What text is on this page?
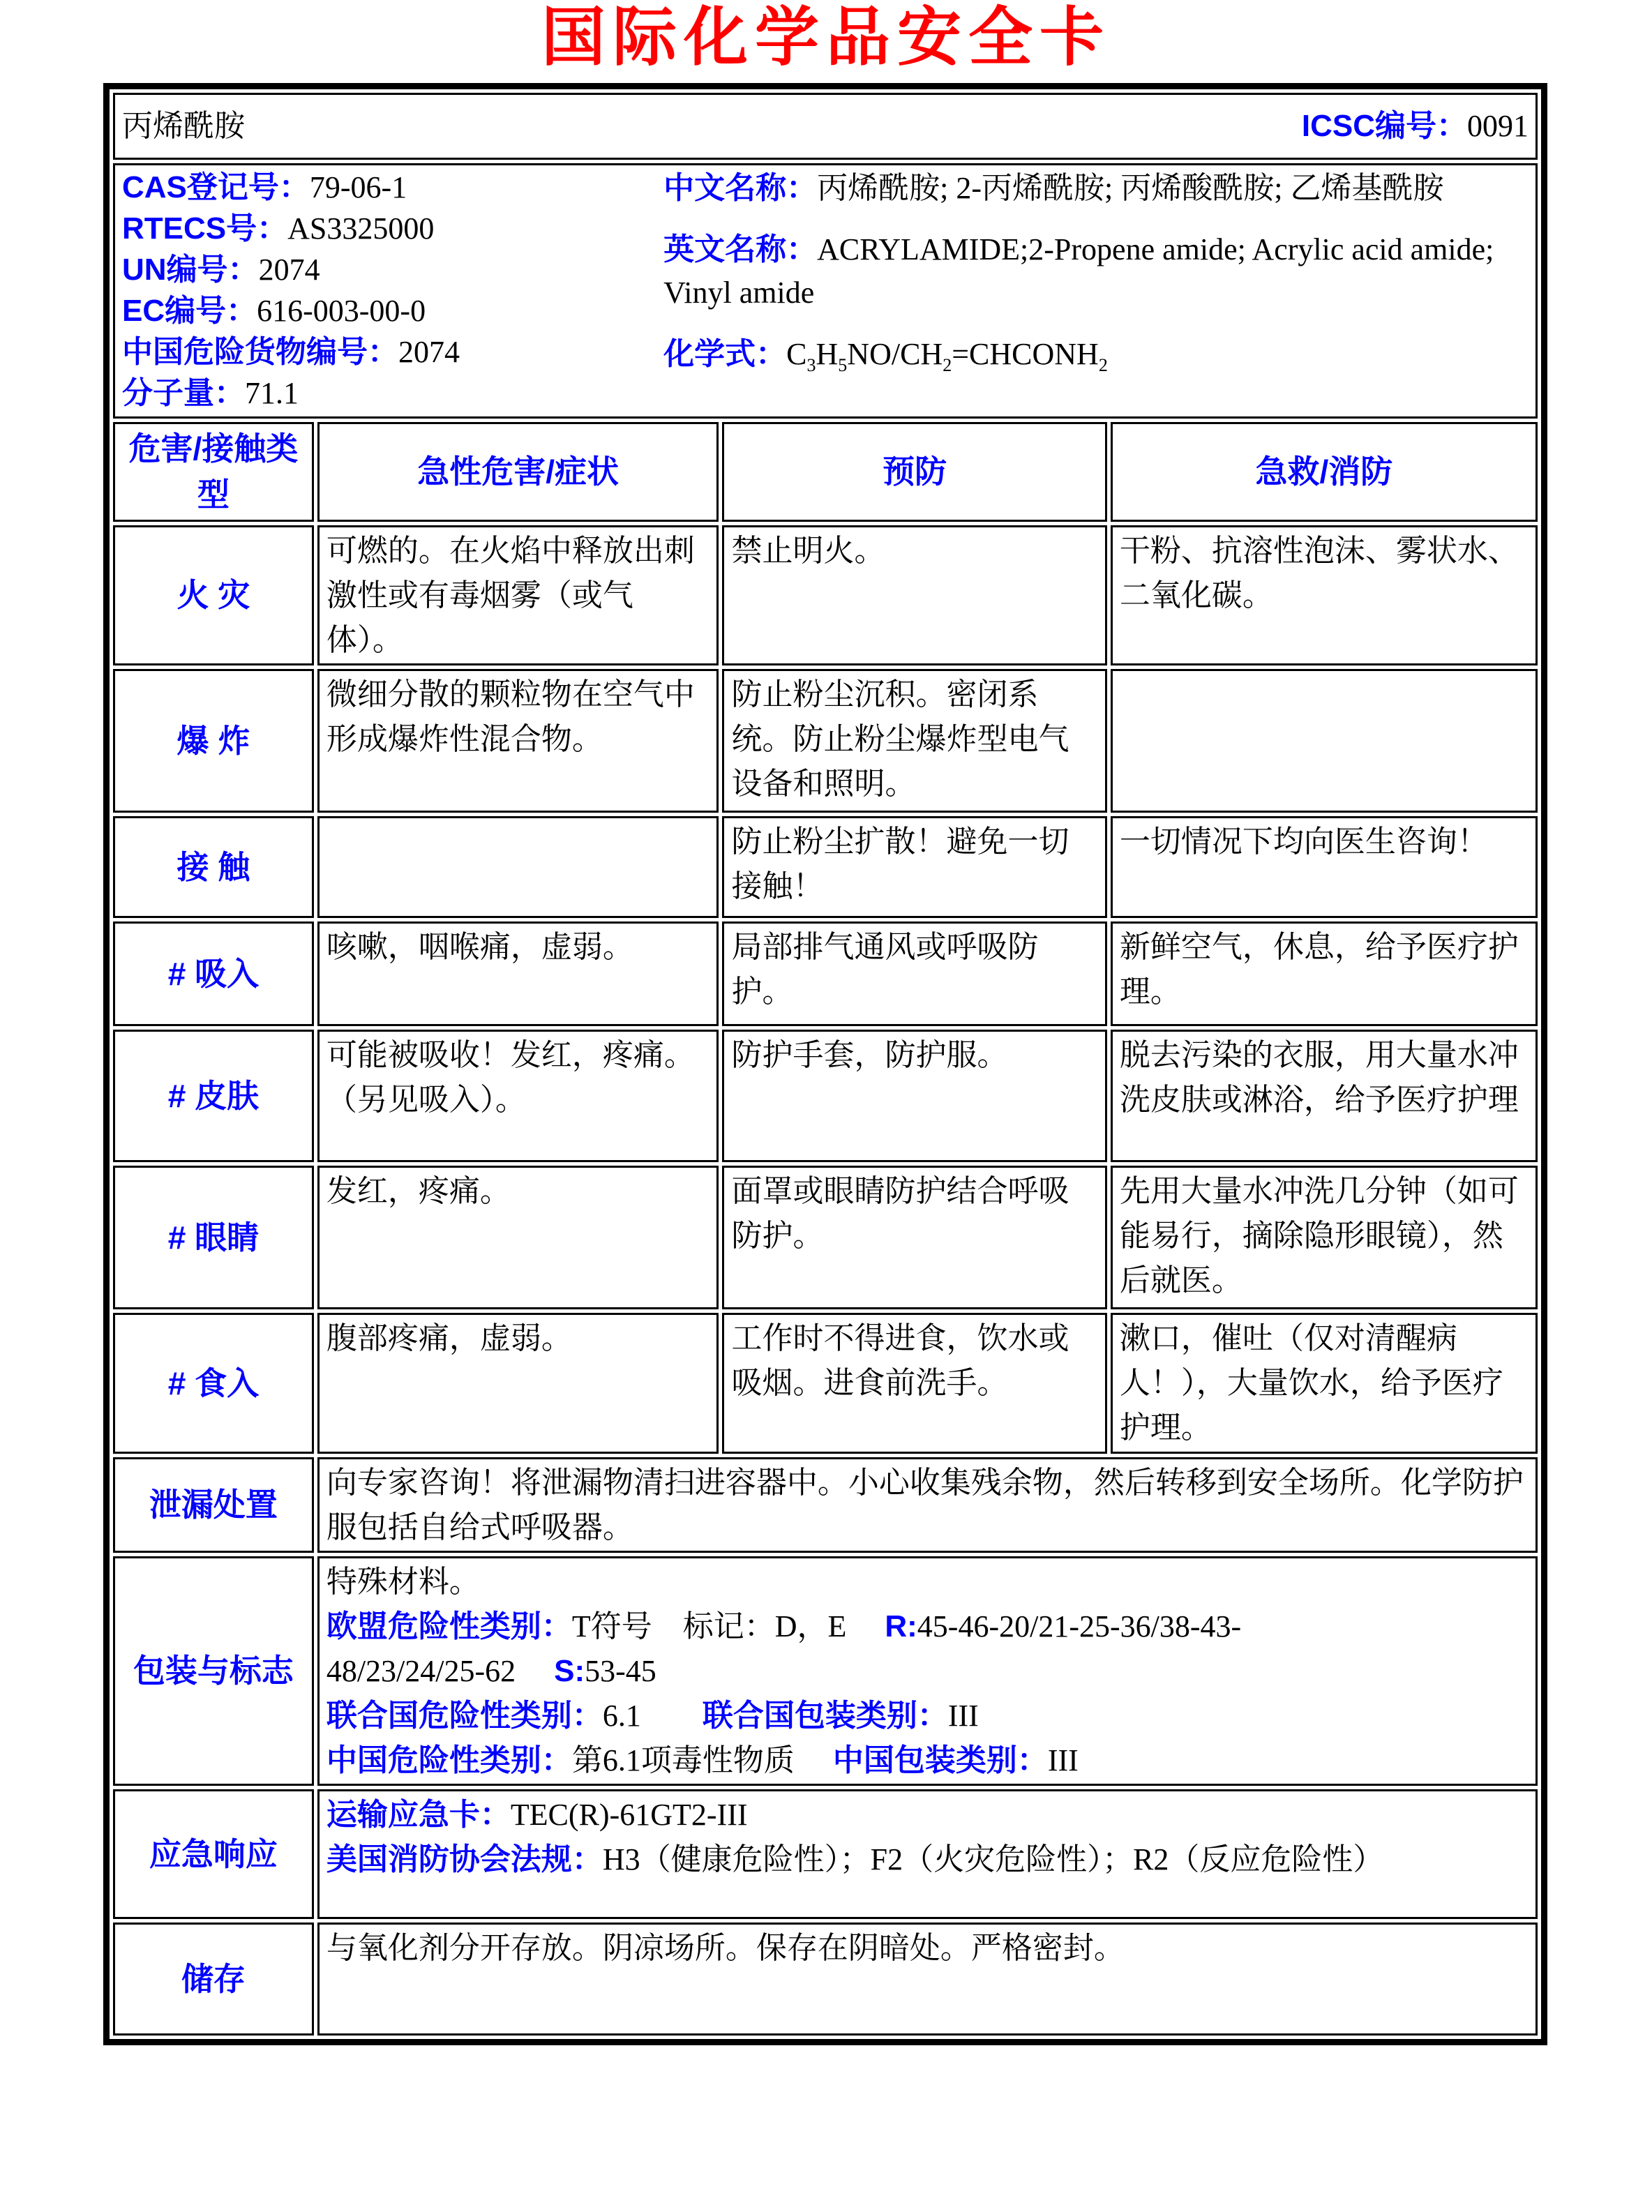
国际化学品安全卡
丙烯酰胺 ICSC编号：0091			

CAS登记号：79-06-1
RTECS号：AS3325000
UN编号：2074
EC编号：616-003-00-0
中国危险货物编号：2074
分子量：71.1
中文名称：丙烯酰胺; 2-丙烯酰胺; 丙烯酸酰胺; 乙烯基酰胺
英文名称：ACRYLAMIDE;2-Propene amide; Acrylic acid amide; Vinyl amide
化学式：$C_3H_5NO/CH_2=CHCONH_2$

危害/接触类型	急性危害/症状	预防	急救/消防
火 灾	可燃的。在火焰中释放出刺激性或有毒烟雾（或气体）。	禁止明火。	干粉、抗溶性泡沫、雾状水、二氧化碳。
爆 炸	微细分散的颗粒物在空气中形成爆炸性混合物。	防止粉尘沉积。密闭系统。防止粉尘爆炸型电气设备和照明。	
接 触		防止粉尘扩散！避免一切接触！	一切情况下均向医生咨询！
# 吸入	咳嗽，咽喉痛，虚弱。	局部排气通风或呼吸防护。	新鲜空气，休息，给予医疗护理。
# 皮肤	可能被吸收！发红，疼痛。（另见吸入）。	防护手套，防护服。	脱去污染的衣服，用大量水冲洗皮肤或淋浴，给予医疗护理
# 眼睛	发红，疼痛。	面罩或眼睛防护结合呼吸防护。	先用大量水冲洗几分钟（如可能易行，摘除隐形眼镜），然后就医。
# 食入	腹部疼痛，虚弱。	工作时不得进食，饮水或吸烟。进食前洗手。	漱口，催吐（仅对清醒病人！），大量饮水，给予医疗护理。
泄漏处置	向专家咨询！将泄漏物清扫进容器中。小心收集残余物，然后转移到安全场所。化学防护服包括自给式呼吸器。		

包装与标志	特殊材料。
欧盟危险性类别：T符号　标记：D，E　 R:45-46-20/21-25-36/38-43-
48/23/24/25-62　 S:53-45
联合国危险性类别：6.1　　联合国包装类别：III
中国危险性类别：第6.1项毒性物质　 中国包装类别：III		

应急响应	运输应急卡：TEC(R)-61GT2-III
美国消防协会法规：H3（健康危险性）；F2（火灾危险性）；R2（反应危险性）		

储存	与氧化剂分开存放。阴凉场所。保存在阴暗处。严格密封。		
